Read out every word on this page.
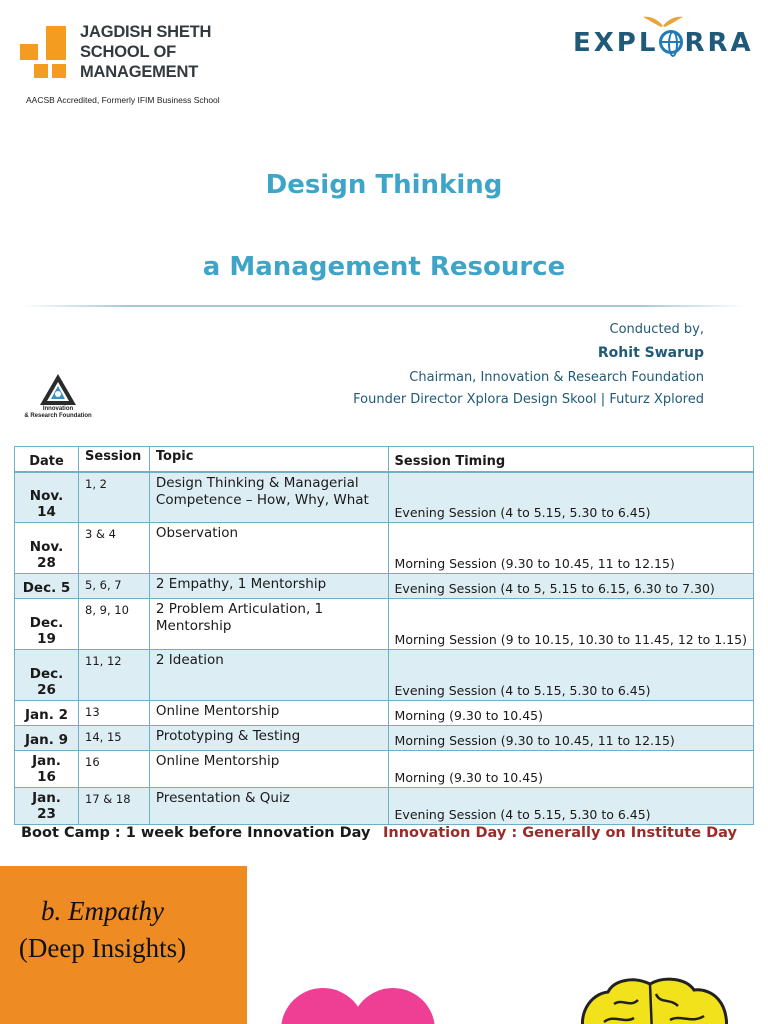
JAGDISH SHETH
SCHOOL OF
MANAGEMENT
AACSB Accredited, Formerly IFIM Business School
EXPL RRA
Design Thinking
a Management Resource
Conducted by,
Rohit Swarup
Chairman, Innovation & Research Foundation
Founder Director Xplora Design Skool | Futurz Xplored
Innovation
& Research Foundation
Date	Session	Topic	Session Timing
Nov. 14	1, 2	Design Thinking & Managerial Competence – How, Why, What	Evening Session (4 to 5.15, 5.30 to 6.45)
Nov. 28	3 & 4	Observation	Morning Session (9.30 to 10.45, 11 to 12.15)
Dec. 5	5, 6, 7	2 Empathy, 1 Mentorship	Evening Session (4 to 5, 5.15 to 6.15, 6.30 to 7.30)
Dec. 19	8, 9, 10	2 Problem Articulation, 1 Mentorship	Morning Session (9 to 10.15, 10.30 to 11.45, 12 to 1.15)
Dec. 26	11, 12	2 Ideation	Evening Session (4 to 5.15, 5.30 to 6.45)
Jan. 2	13	Online Mentorship	Morning (9.30 to 10.45)
Jan. 9	14, 15	Prototyping & Testing	Morning Session (9.30 to 10.45, 11 to 12.15)
Jan. 16	16	Online Mentorship	Morning (9.30 to 10.45)
Jan. 23	17 & 18	Presentation & Quiz	Evening Session (4 to 5.15, 5.30 to 6.45)
Boot Camp : 1 week before Innovation Day Innovation Day : Generally on Institute Day
b. Empathy
(Deep Insights)
